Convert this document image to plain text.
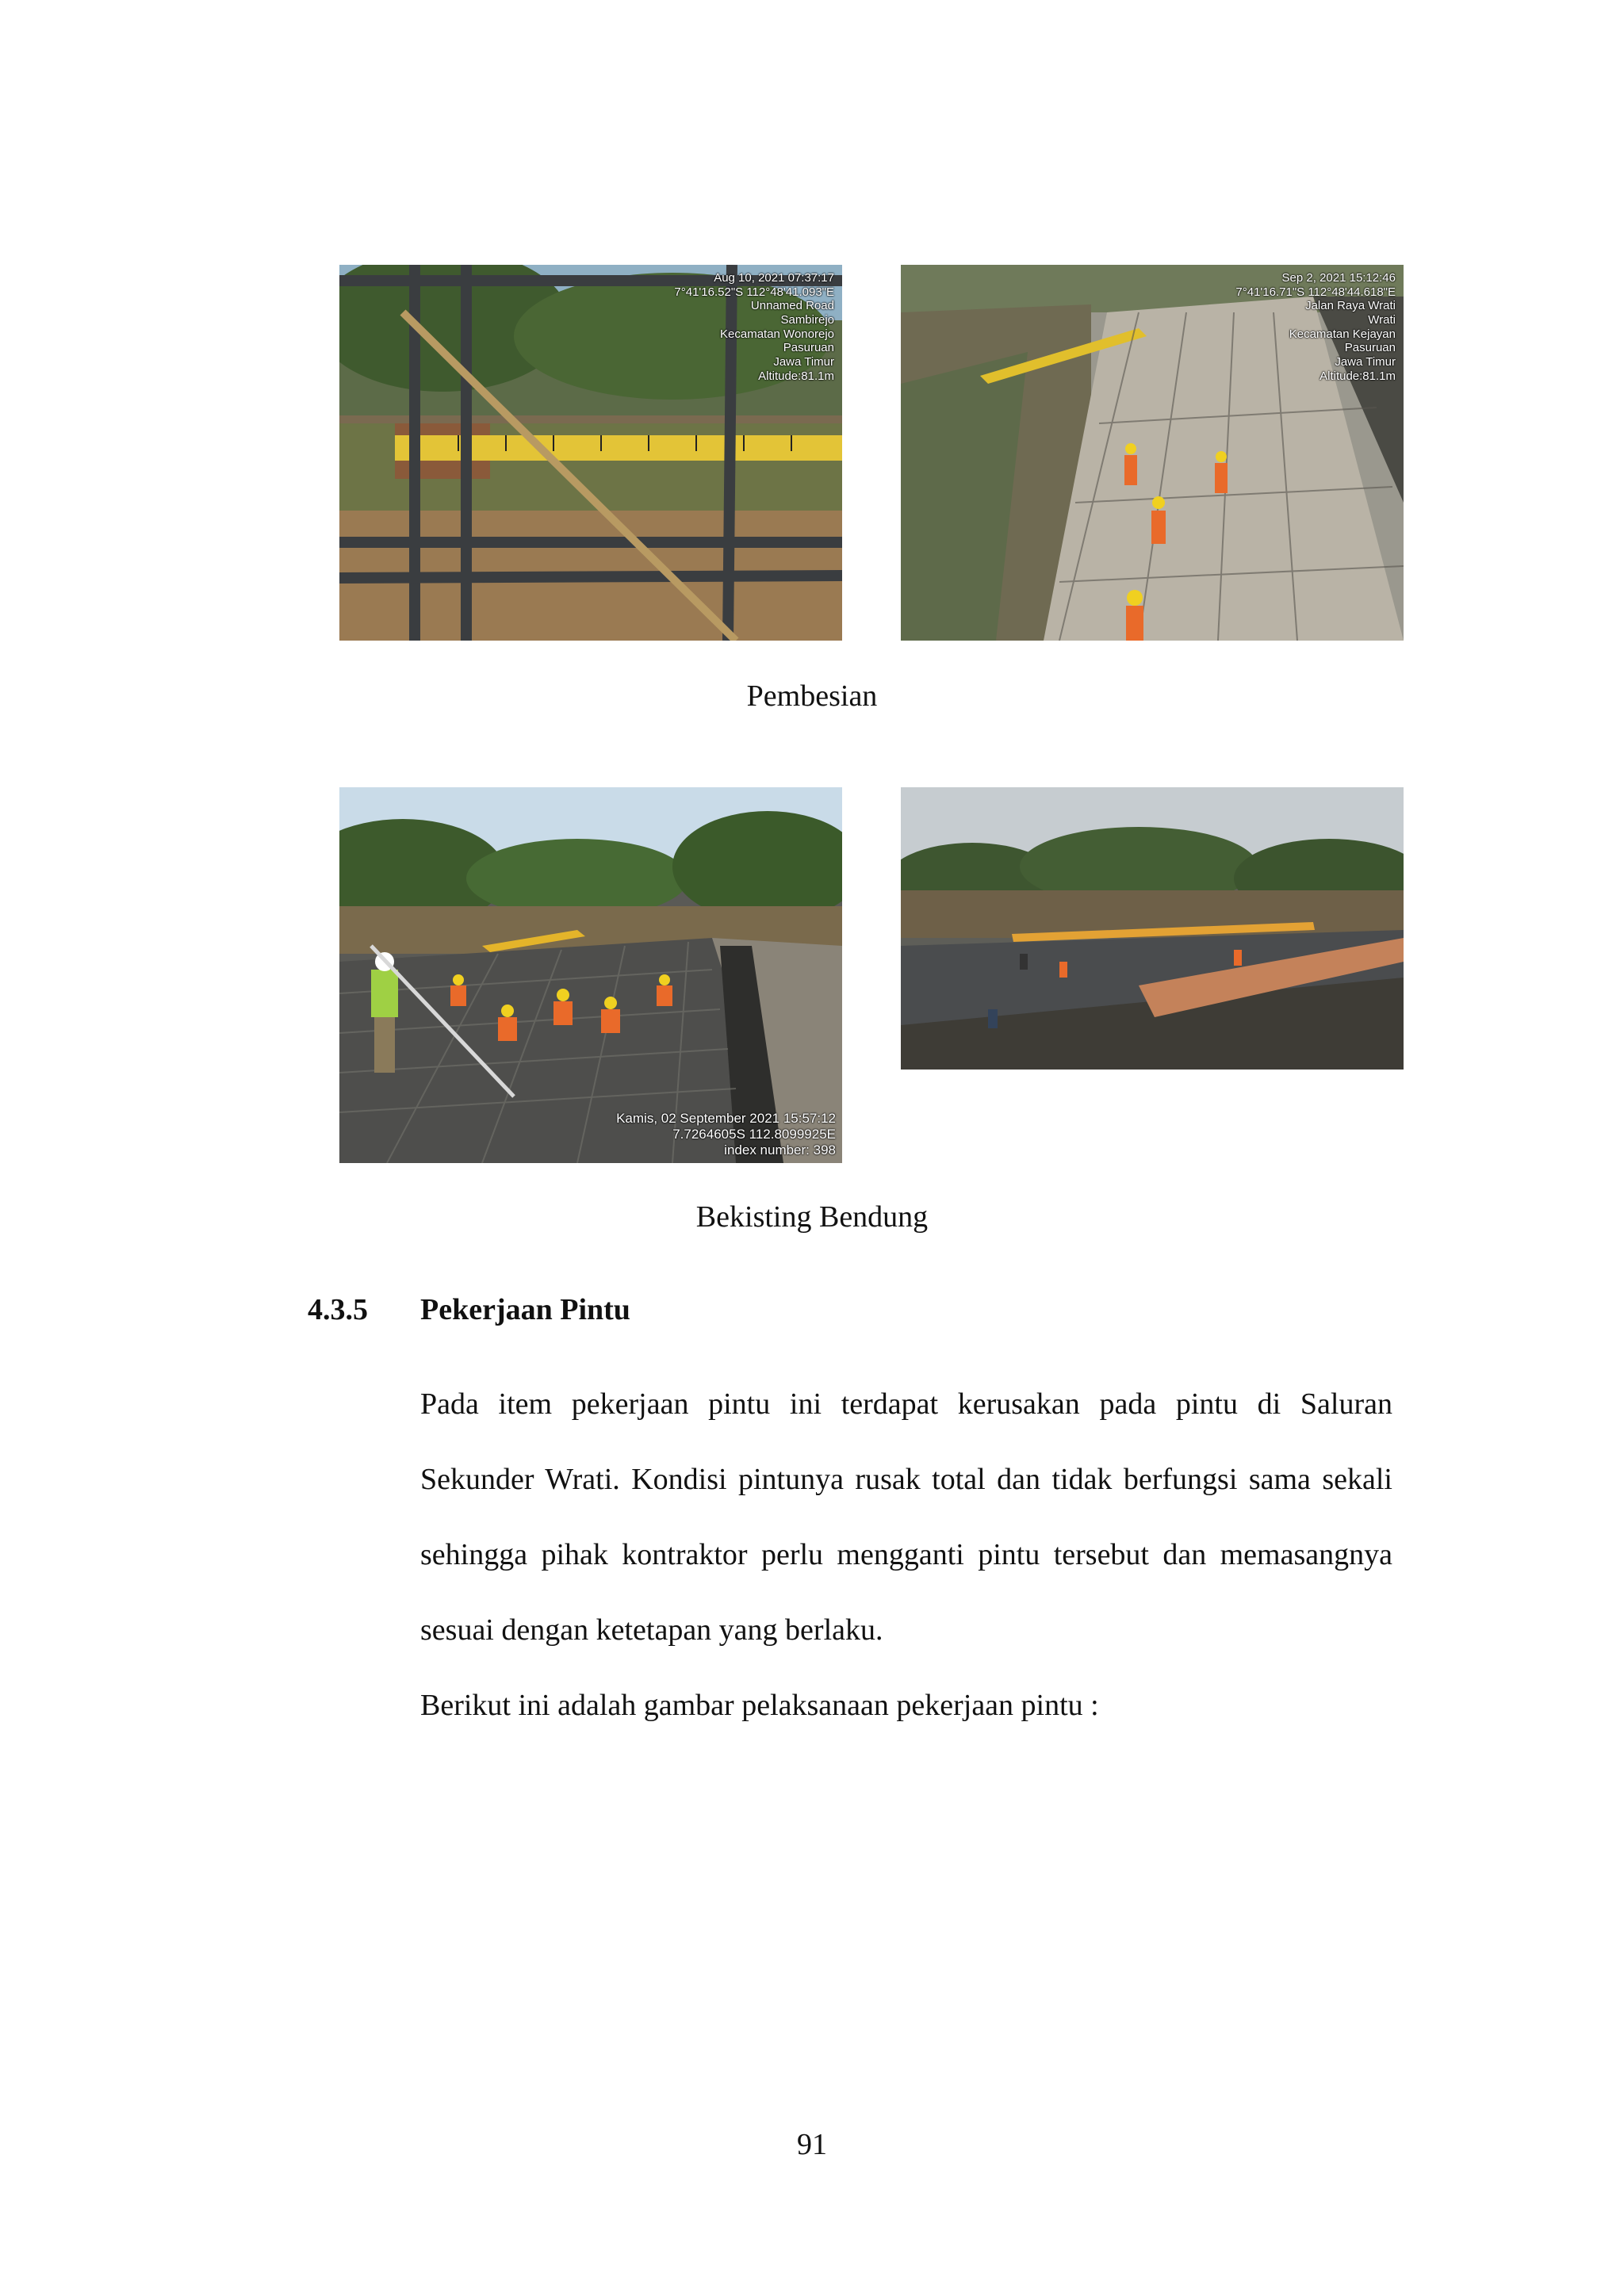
Aug 10, 2021 07:37:17
7°41'16.52"S 112°48'41.093"E
Unnamed Road
Sambirejo
Kecamatan Wonorejo
Pasuruan
Jawa Timur
Altitude:81.1m
Sep 2, 2021 15:12:46
7°41'16.71"S 112°48'44.618"E
Jalan Raya Wrati
Wrati
Kecamatan Kejayan
Pasuruan
Jawa Timur
Altitude:81.1m
Pembesian
Kamis, 02 September 2021 15:57:12
7.7264605S 112.8099925E
index number: 398
Bekisting Bendung
4.3.5 Pekerjaan Pintu
Pada item pekerjaan pintu ini terdapat kerusakan pada pintu di Saluran Sekunder Wrati. Kondisi pintunya rusak total dan tidak berfungsi sama sekali sehingga pihak kontraktor perlu mengganti pintu tersebut dan memasangnya sesuai dengan ketetapan yang berlaku.
Berikut ini adalah gambar pelaksanaan pekerjaan pintu :
91
